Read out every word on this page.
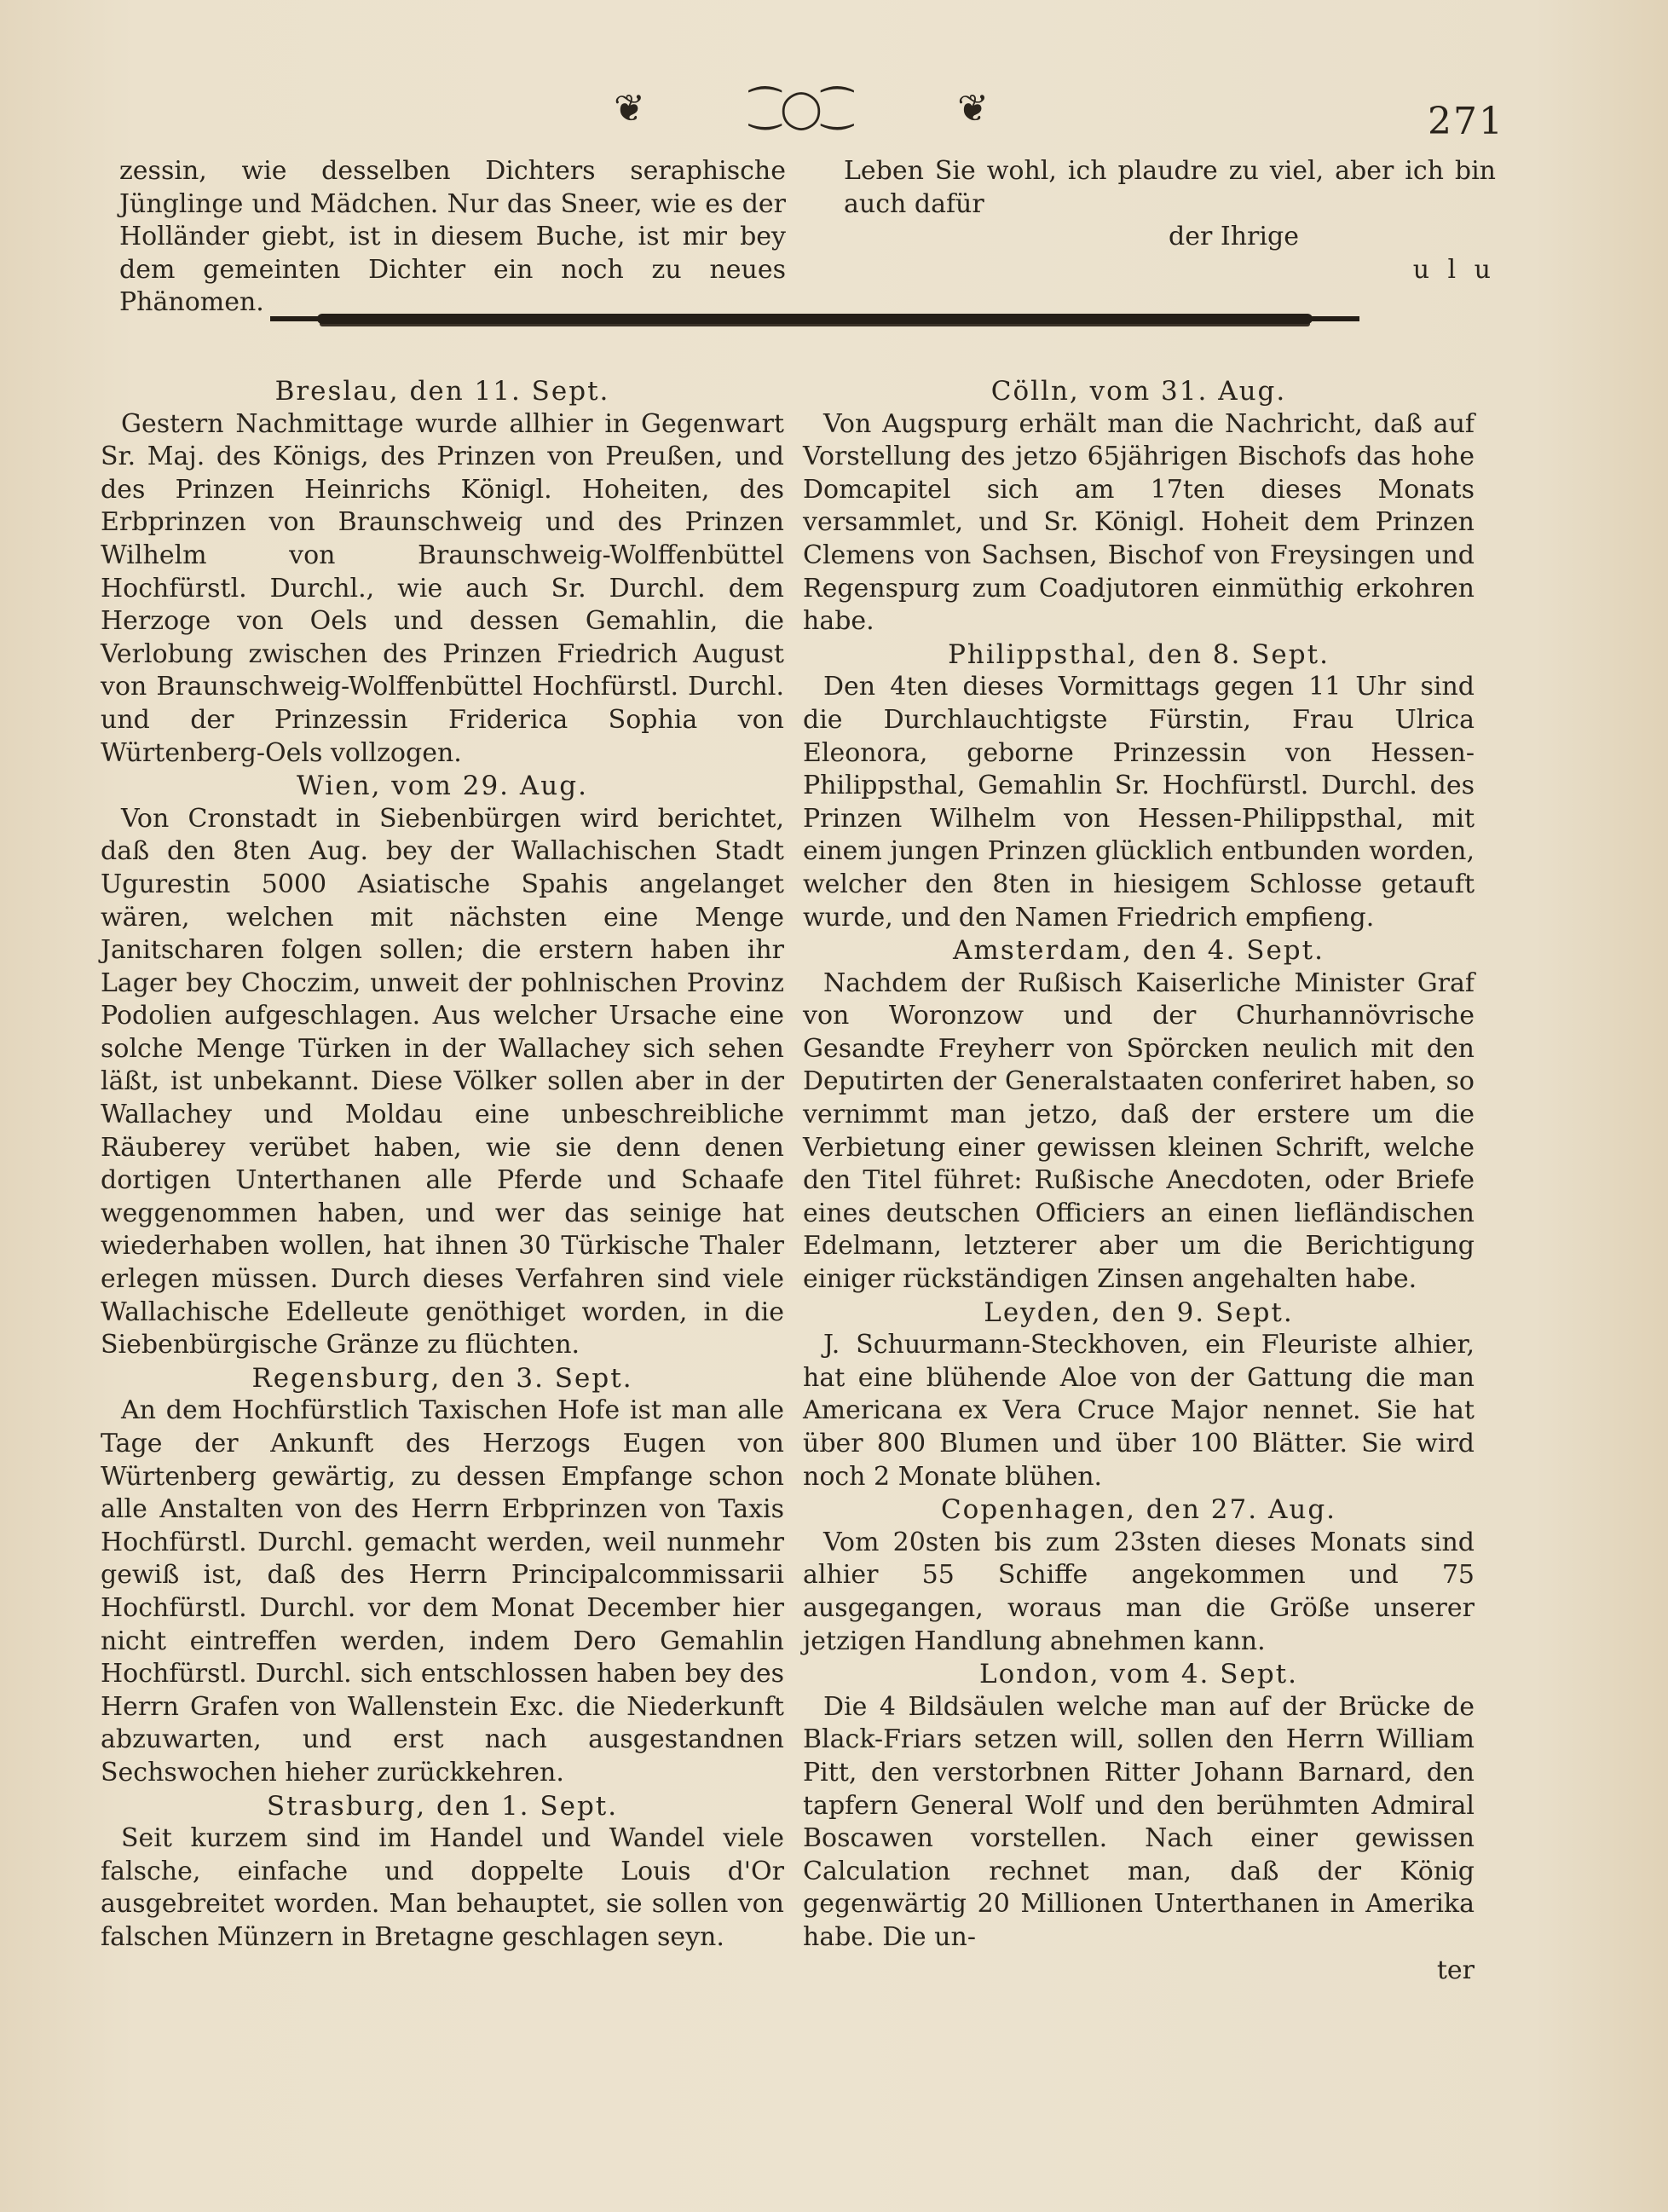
❦	⁐◯⁐	❦	271

zessin, wie desselben Dichters seraphische Jünglinge und Mädchen. Nur das Sneer, wie es der Holländer giebt, ist in diesem Buche, ist mir bey dem gemeinten Dichter ein noch zu neues Phänomen.

Leben Sie wohl, ich plaudre zu viel, aber ich bin auch dafür

der Ihrige
u l u
Breslau, den 11. Sept.

Gestern Nachmittage wurde allhier in Gegenwart Sr. Maj. des Königs, des Prinzen von Preußen, und des Prinzen Heinrichs Königl. Hoheiten, des Erbprinzen von Braunschweig und des Prinzen Wilhelm von Braunschweig-Wolffenbüttel Hochfürstl. Durchl., wie auch Sr. Durchl. dem Herzoge von Oels und dessen Gemahlin, die Verlobung zwischen des Prinzen Friedrich August von Braunschweig-Wolffenbüttel Hochfürstl. Durchl. und der Prinzessin Friderica Sophia von Würtenberg-Oels vollzogen.

Wien, vom 29. Aug.

Von Cronstadt in Siebenbürgen wird berichtet, daß den 8ten Aug. bey der Wallachischen Stadt Ugurestin 5000 Asiatische Spahis angelanget wären, welchen mit nächsten eine Menge Janitscharen folgen sollen; die erstern haben ihr Lager bey Choczim, unweit der pohlnischen Provinz Podolien aufgeschlagen. Aus welcher Ursache eine solche Menge Türken in der Wallachey sich sehen läßt, ist unbekannt. Diese Völker sollen aber in der Wallachey und Moldau eine unbeschreibliche Räuberey verübet haben, wie sie denn denen dortigen Unterthanen alle Pferde und Schaafe weggenommen haben, und wer das seinige hat wiederhaben wollen, hat ihnen 30 Türkische Thaler erlegen müssen. Durch dieses Verfahren sind viele Wallachische Edelleute genöthiget worden, in die Siebenbürgische Gränze zu flüchten.

Regensburg, den 3. Sept.

An dem Hochfürstlich Taxischen Hofe ist man alle Tage der Ankunft des Herzogs Eugen von Würtenberg gewärtig, zu dessen Empfange schon alle Anstalten von des Herrn Erbprinzen von Taxis Hochfürstl. Durchl. gemacht werden, weil nunmehr gewiß ist, daß des Herrn Principalcommissarii Hochfürstl. Durchl. vor dem Monat December hier nicht eintreffen werden, indem Dero Gemahlin Hochfürstl. Durchl. sich entschlossen haben bey des Herrn Grafen von Wallenstein Exc. die Niederkunft abzuwarten, und erst nach ausgestandnen Sechswochen hieher zurückkehren.

Strasburg, den 1. Sept.

Seit kurzem sind im Handel und Wandel viele falsche, einfache und doppelte Louis d'Or ausgebreitet worden. Man behauptet, sie sollen von falschen Münzern in Bretagne geschlagen seyn.

Cölln, vom 31. Aug.

Von Augspurg erhält man die Nachricht, daß auf Vorstellung des jetzo 65jährigen Bischofs das hohe Domcapitel sich am 17ten dieses Monats versammlet, und Sr. Königl. Hoheit dem Prinzen Clemens von Sachsen, Bischof von Freysingen und Regenspurg zum Coadjutoren einmüthig erkohren habe.

Philippsthal, den 8. Sept.

Den 4ten dieses Vormittags gegen 11 Uhr sind die Durchlauchtigste Fürstin, Frau Ulrica Eleonora, geborne Prinzessin von Hessen-Philippsthal, Gemahlin Sr. Hochfürstl. Durchl. des Prinzen Wilhelm von Hessen-Philippsthal, mit einem jungen Prinzen glücklich entbunden worden, welcher den 8ten in hiesigem Schlosse getauft wurde, und den Namen Friedrich empfieng.

Amsterdam, den 4. Sept.

Nachdem der Rußisch Kaiserliche Minister Graf von Woronzow und der Churhannövrische Gesandte Freyherr von Spörcken neulich mit den Deputirten der Generalstaaten conferiret haben, so vernimmt man jetzo, daß der erstere um die Verbietung einer gewissen kleinen Schrift, welche den Titel führet: Rußische Anecdoten, oder Briefe eines deutschen Officiers an einen liefländischen Edelmann, letzterer aber um die Berichtigung einiger rückständigen Zinsen angehalten habe.

Leyden, den 9. Sept.

J. Schuurmann-Steckhoven, ein Fleuriste alhier, hat eine blühende Aloe von der Gattung die man Americana ex Vera Cruce Major nennet. Sie hat über 800 Blumen und über 100 Blätter. Sie wird noch 2 Monate blühen.

Copenhagen, den 27. Aug.

Vom 20sten bis zum 23sten dieses Monats sind alhier 55 Schiffe angekommen und 75 ausgegangen, woraus man die Größe unserer jetzigen Handlung abnehmen kann.

London, vom 4. Sept.

Die 4 Bildsäulen welche man auf der Brücke de Black-Friars setzen will, sollen den Herrn William Pitt, den verstorbnen Ritter Johann Barnard, den tapfern General Wolf und den berühmten Admiral Boscawen vorstellen. Nach einer gewissen Calculation rechnet man, daß der König gegenwärtig 20 Millionen Unterthanen in Amerika habe. Die un-

ter
